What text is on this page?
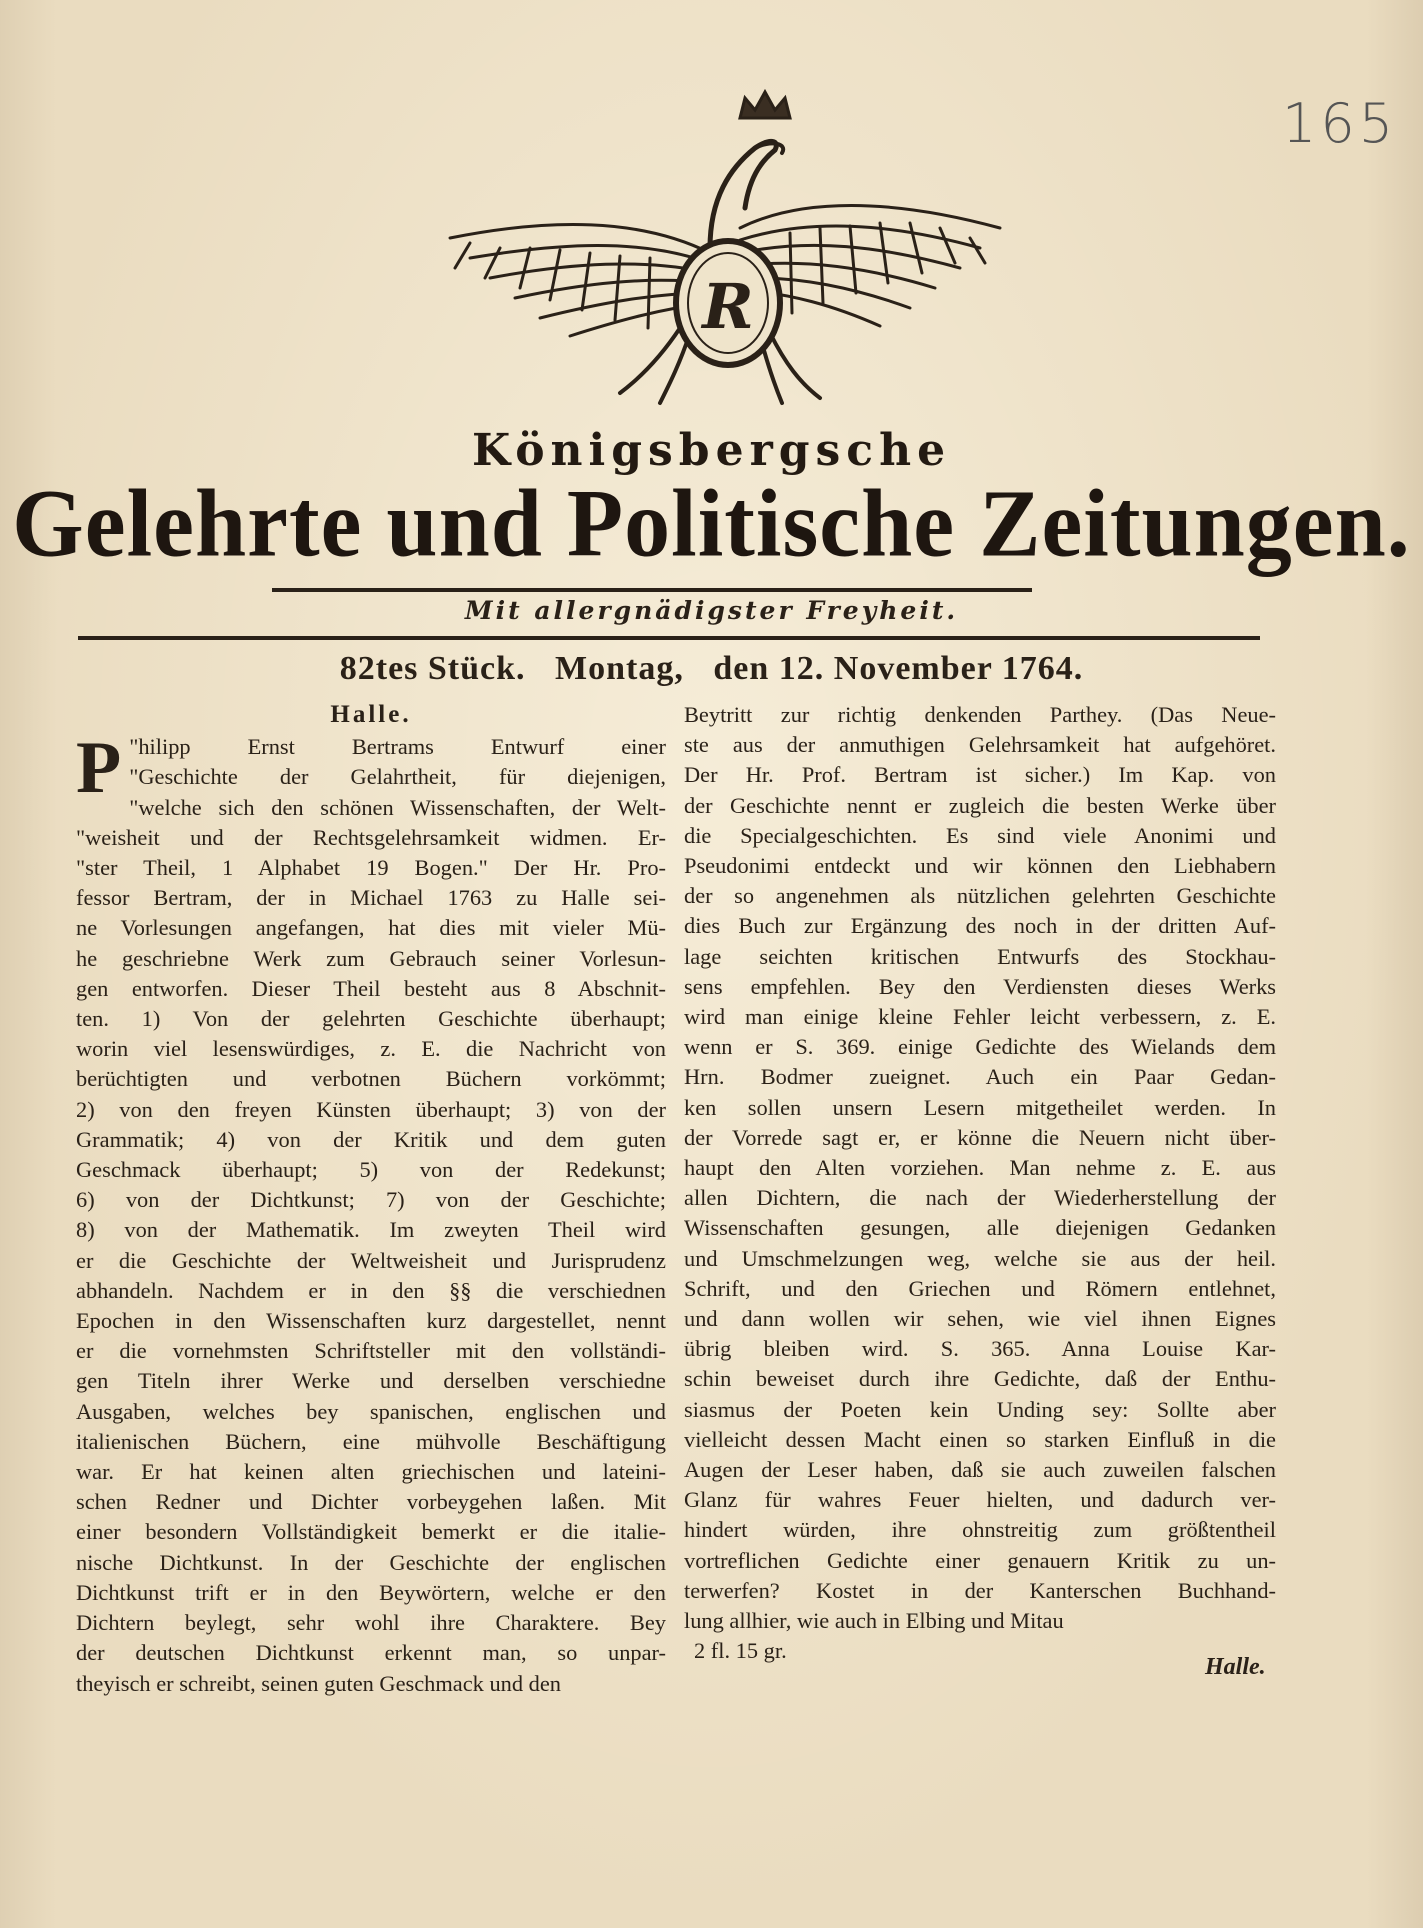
165
R
Königsbergsche
Gelehrte und Politische Zeitungen.
Mit allergnädigster Freyheit.
82tes Stück. Montag, den 12. November 1764.
Halle.
P "hilipp Ernst Bertrams Entwurf einer
"Geschichte der Gelahrtheit, für diejenigen,
"welche sich den schönen Wissenschaften, der Welt-
"weisheit und der Rechtsgelehrsamkeit widmen. Er-
"ster Theil, 1 Alphabet 19 Bogen." Der Hr. Pro-
fessor Bertram, der in Michael 1763 zu Halle sei-
ne Vorlesungen angefangen, hat dies mit vieler Mü-
he geschriebne Werk zum Gebrauch seiner Vorlesun-
gen entworfen. Dieser Theil besteht aus 8 Abschnit-
ten. 1) Von der gelehrten Geschichte überhaupt;
worin viel lesenswürdiges, z. E. die Nachricht von
berüchtigten und verbotnen Büchern vorkömmt;
2) von den freyen Künsten überhaupt; 3) von der
Grammatik; 4) von der Kritik und dem guten
Geschmack überhaupt; 5) von der Redekunst;
6) von der Dichtkunst; 7) von der Geschichte;
8) von der Mathematik. Im zweyten Theil wird
er die Geschichte der Weltweisheit und Jurisprudenz
abhandeln. Nachdem er in den §§ die verschiednen
Epochen in den Wissenschaften kurz dargestellet, nennt
er die vornehmsten Schriftsteller mit den vollständi-
gen Titeln ihrer Werke und derselben verschiedne
Ausgaben, welches bey spanischen, englischen und
italienischen Büchern, eine mühvolle Beschäftigung
war. Er hat keinen alten griechischen und lateini-
schen Redner und Dichter vorbeygehen laßen. Mit
einer besondern Vollständigkeit bemerkt er die italie-
nische Dichtkunst. In der Geschichte der englischen
Dichtkunst trift er in den Beywörtern, welche er den
Dichtern beylegt, sehr wohl ihre Charaktere. Bey
der deutschen Dichtkunst erkennt man, so unpar-
theyisch er schreibt, seinen guten Geschmack und den
Beytritt zur richtig denkenden Parthey. (Das Neue-
ste aus der anmuthigen Gelehrsamkeit hat aufgehöret.
Der Hr. Prof. Bertram ist sicher.) Im Kap. von
der Geschichte nennt er zugleich die besten Werke über
die Specialgeschichten. Es sind viele Anonimi und
Pseudonimi entdeckt und wir können den Liebhabern
der so angenehmen als nützlichen gelehrten Geschichte
dies Buch zur Ergänzung des noch in der dritten Auf-
lage seichten kritischen Entwurfs des Stockhau-
sens empfehlen. Bey den Verdiensten dieses Werks
wird man einige kleine Fehler leicht verbessern, z. E.
wenn er S. 369. einige Gedichte des Wielands dem
Hrn. Bodmer zueignet. Auch ein Paar Gedan-
ken sollen unsern Lesern mitgetheilet werden. In
der Vorrede sagt er, er könne die Neuern nicht über-
haupt den Alten vorziehen. Man nehme z. E. aus
allen Dichtern, die nach der Wiederherstellung der
Wissenschaften gesungen, alle diejenigen Gedanken
und Umschmelzungen weg, welche sie aus der heil.
Schrift, und den Griechen und Römern entlehnet,
und dann wollen wir sehen, wie viel ihnen Eignes
übrig bleiben wird. S. 365. Anna Louise Kar-
schin beweiset durch ihre Gedichte, daß der Enthu-
siasmus der Poeten kein Unding sey: Sollte aber
vielleicht dessen Macht einen so starken Einfluß in die
Augen der Leser haben, daß sie auch zuweilen falschen
Glanz für wahres Feuer hielten, und dadurch ver-
hindert würden, ihre ohnstreitig zum größtentheil
vortreflichen Gedichte einer genauern Kritik zu un-
terwerfen? Kostet in der Kanterschen Buchhand-
lung allhier, wie auch in Elbing und Mitau
2 fl. 15 gr.
Halle.
